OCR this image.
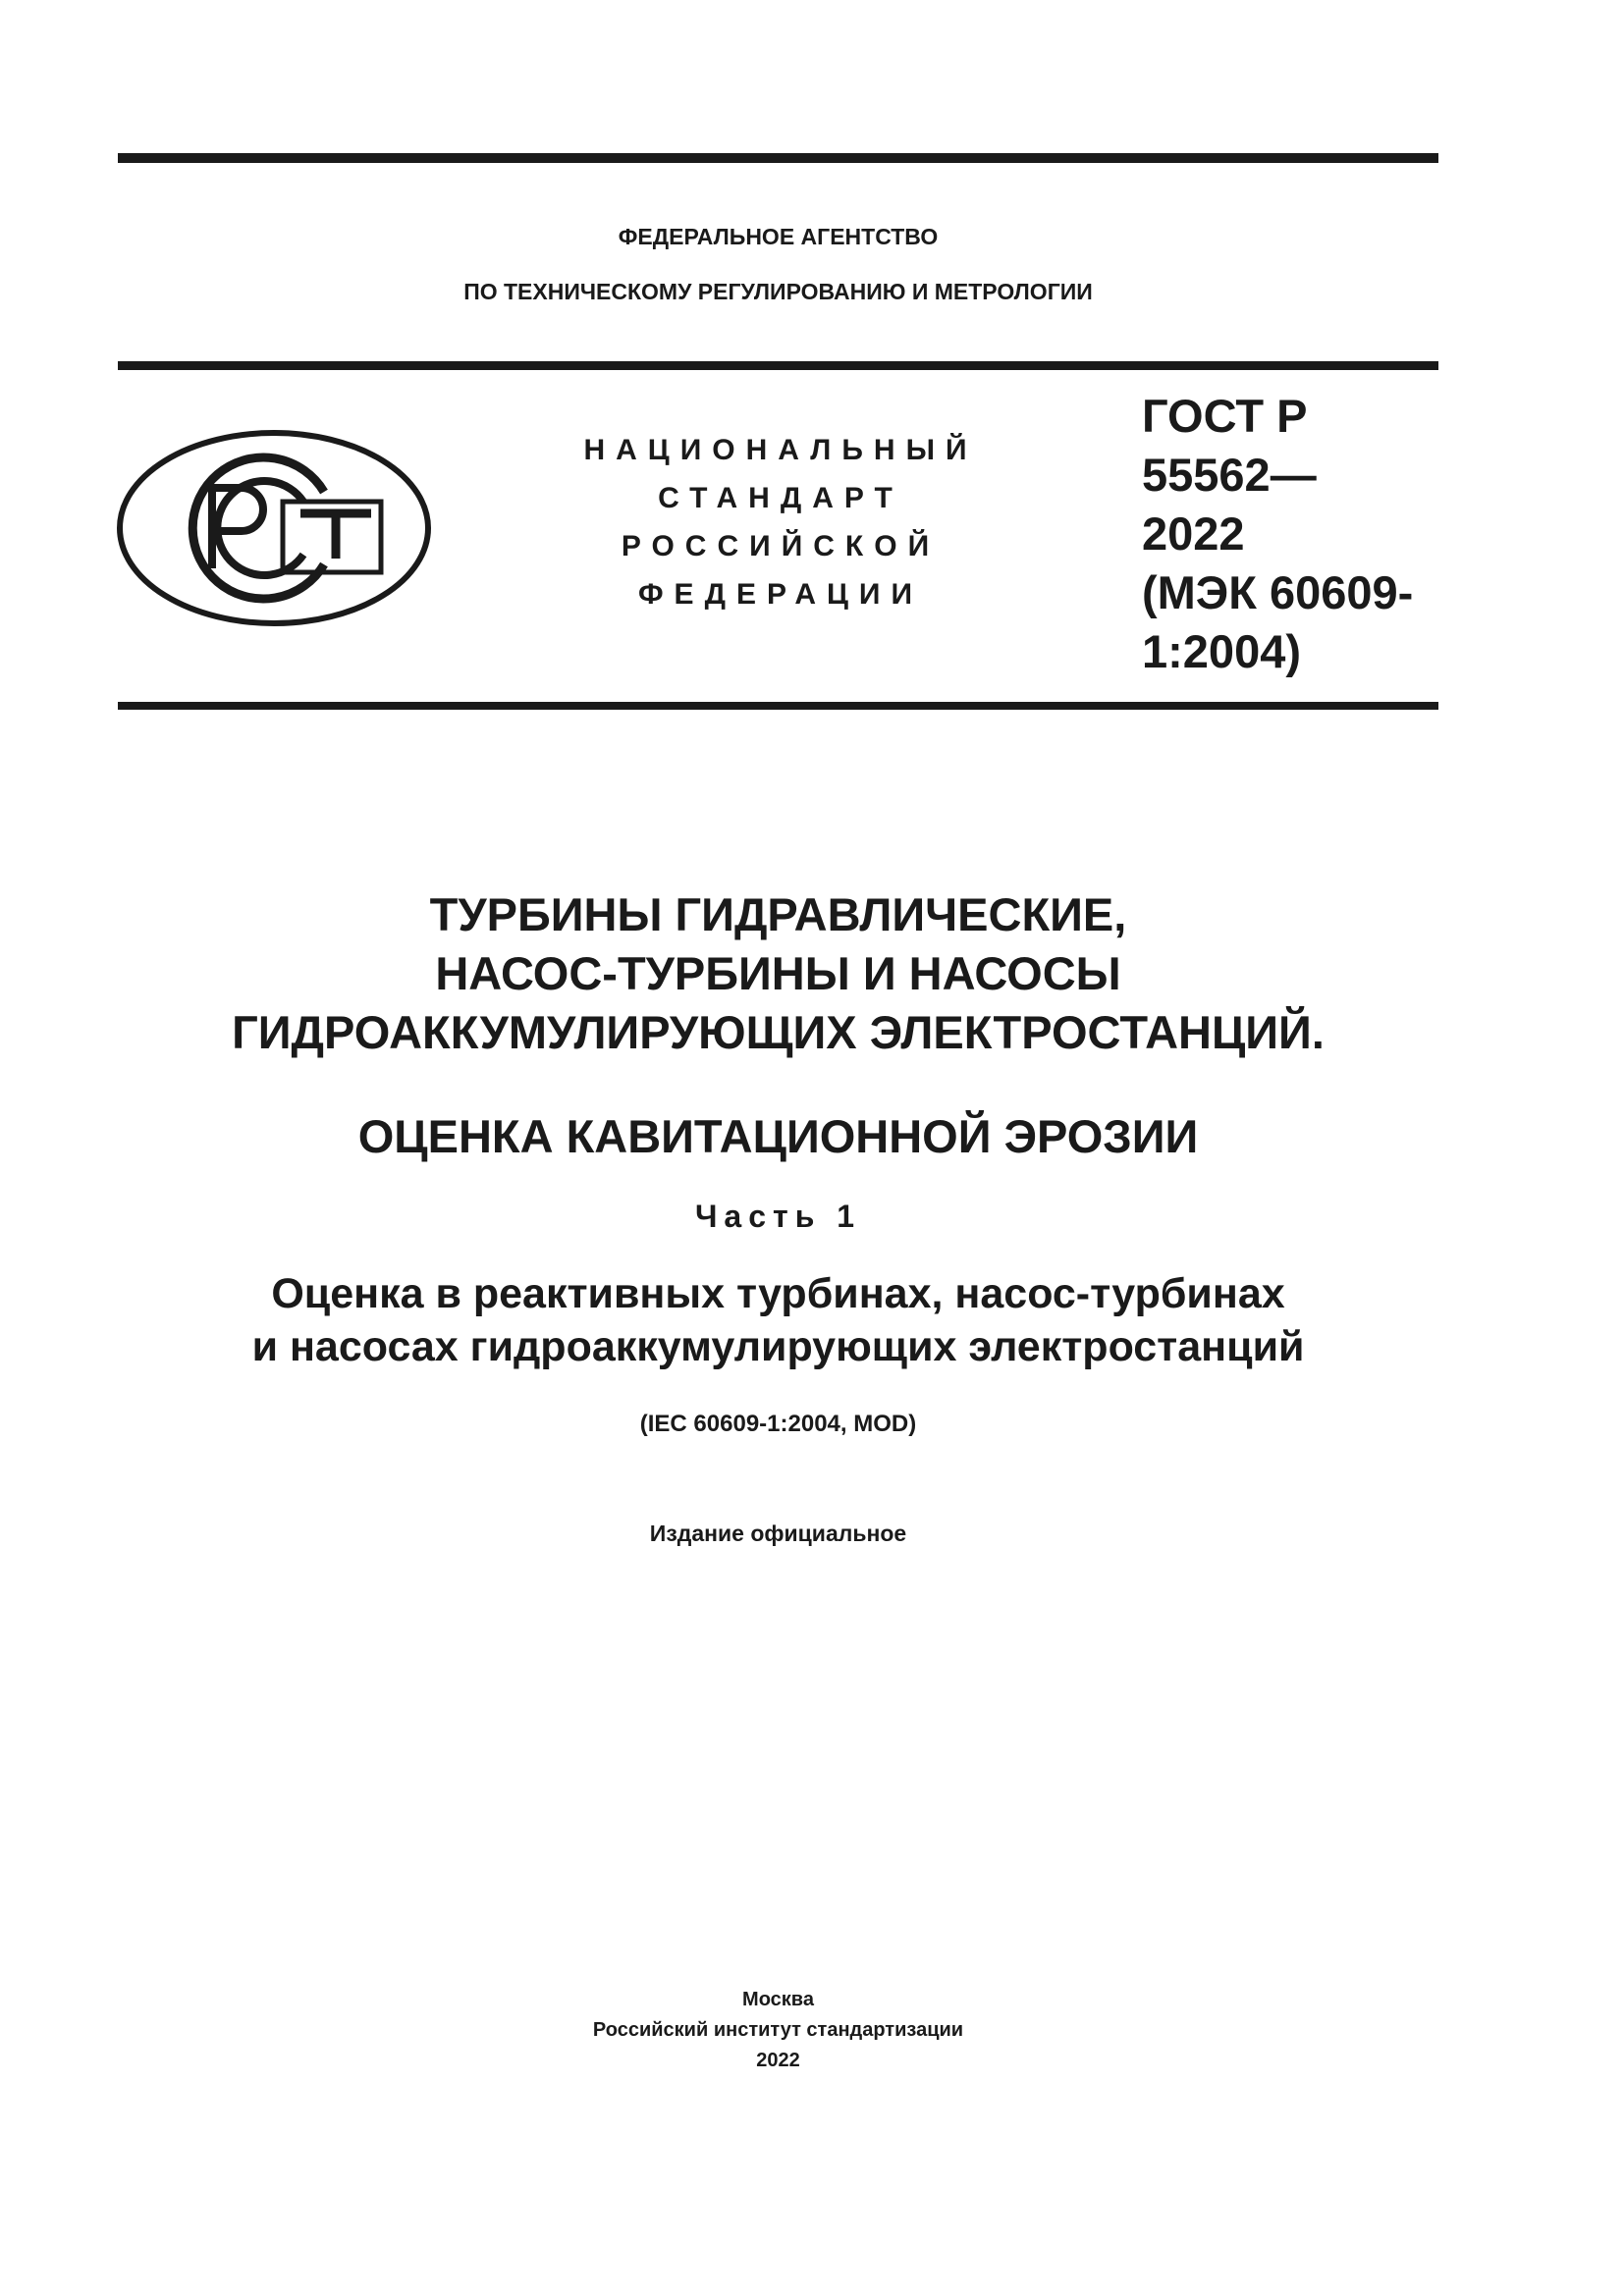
ФЕДЕРАЛЬНОЕ АГЕНТСТВО
ПО ТЕХНИЧЕСКОМУ РЕГУЛИРОВАНИЮ И МЕТРОЛОГИИ
НАЦИОНАЛЬНЫЙ
СТАНДАРТ
РОССИЙСКОЙ
ФЕДЕРАЦИИ
ГОСТ Р
55562—
2022
(МЭК 60609-
1:2004)
ТУРБИНЫ ГИДРАВЛИЧЕСКИЕ,
НАСОС-ТУРБИНЫ И НАСОСЫ
ГИДРОАККУМУЛИРУЮЩИХ ЭЛЕКТРОСТАНЦИЙ.
ОЦЕНКА КАВИТАЦИОННОЙ ЭРОЗИИ
Часть 1
Оценка в реактивных турбинах, насос-турбинах
и насосах гидроаккумулирующих электростанций
(IEC 60609-1:2004, MOD)
Издание официальное
Москва
Российский институт стандартизации
2022
